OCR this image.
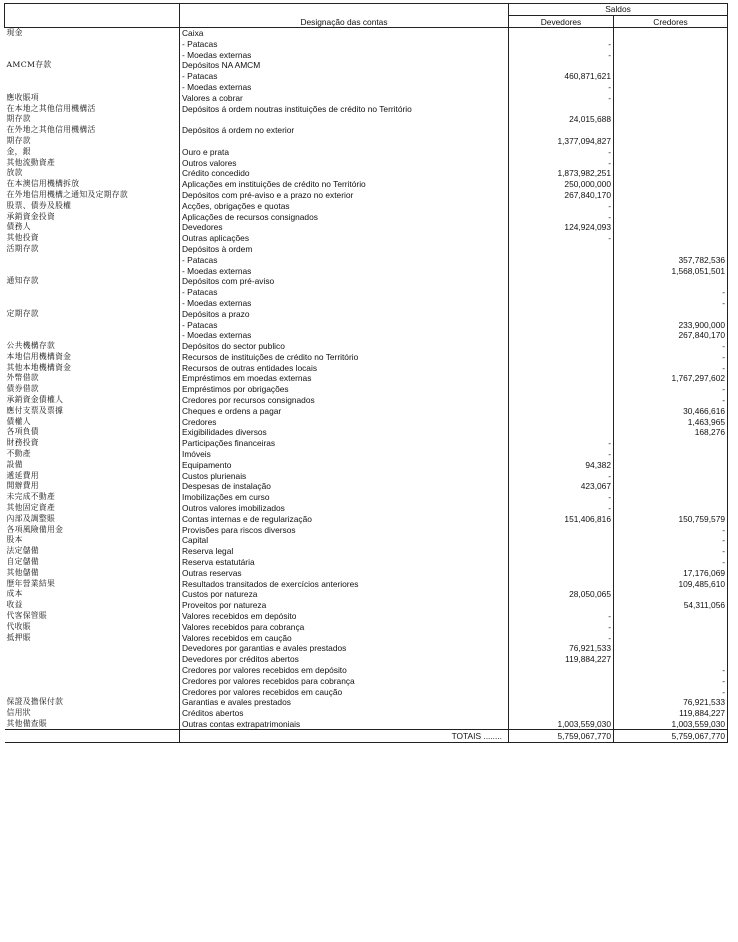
		Saldos	
	Designação das contas	Devedores	Credores
現金	Caixa		
	- Patacas	-	
	- Moedas externas	-	
AMCM存款	Depósitos NA AMCM		
	- Patacas	460,871,621	
	- Moedas externas	-	
應收賬項	Valores a cobrar	-	
在本地之其他信用機構活	Depósitos á ordem noutras instituições de crédito no Território		
期存款		24,015,688	
在外地之其他信用機構活	Depósitos á ordem no exterior		
期存款		1,377,094,827	
金，銀	Ouro e prata	-	
其他流動資產	Outros valores	-	
放款	Crédito concedido	1,873,982,251	
在本澳信用機構拆放	Aplicações em instituições de crédito no Território	250,000,000	
在外地信用機構之通知及定期存款	Depósitos com pré-aviso e a prazo no exterior	267,840,170	
股票、債券及股權	Acções, obrigações e quotas	-	
承銷資金投資	Aplicações de recursos consignados	-	
債務人	Devedores	124,924,093	
其他投資	Outras aplicações	-	
活期存款	Depósitos à ordem		
	- Patacas		357,782,536
	- Moedas externas		1,568,051,501
通知存款	Depósitos com pré-aviso		
	- Patacas		-
	- Moedas externas		-
定期存款	Depósitos a prazo		
	- Patacas		233,900,000
	- Moedas externas		267,840,170
公共機構存款	Depósitos do sector publico		-
本地信用機構資金	Recursos de instituições de crédito no Território		-
其他本地機構資金	Recursos de outras entidades locais		-
外幣借款	Empréstimos em moedas externas		1,767,297,602
債券借款	Empréstimos por obrigações		-
承銷資金債權人	Credores por recursos consignados		-
應付支票及票據	Cheques e ordens a pagar		30,466,616
債權人	Credores		1,463,965
各項負債	Exigibilidades diversos		168,276
財務投資	Participações financeiras	-	
不動產	Imóveis	-	
設備	Equipamento	94,382	
遞延費用	Custos plurienais	-	
開辦費用	Despesas de instalação	423,067	
未完成不動產	Imobilizações em curso	-	
其他固定資產	Outros valores imobilizados	-	
內部及調整賬	Contas internas e de regularização	151,406,816	150,759,579
各項風險備用金	Provisões para riscos diversos		-
股本	Capital		-
法定儲備	Reserva legal		-
自定儲備	Reserva estatutária		-
其他儲備	Outras reservas		17,176,069
歷年營業結果	Resultados transitados de exercícios anteriores		109,485,610
成本	Custos por natureza	28,050,065	
收益	Proveitos por natureza		54,311,056
代客保管賬	Valores recebidos em depósito	-	
代收賬	Valores recebidos para cobrança	-	
抵押賬	Valores recebidos em caução	-	
	Devedores por garantias e avales prestados	76,921,533	
	Devedores por créditos abertos	119,884,227	
	Credores por valores recebidos em depósito		-
	Credores por valores recebidos para cobrança		-
	Credores por valores recebidos em caução		-
保證及擔保付款	Garantias e avales prestados		76,921,533
信用狀	Créditos abertos		119,884,227
其他備查賬	Outras contas extrapatrimoniais	1,003,559,030	1,003,559,030
	TOTAIS ........	5,759,067,770	5,759,067,770
